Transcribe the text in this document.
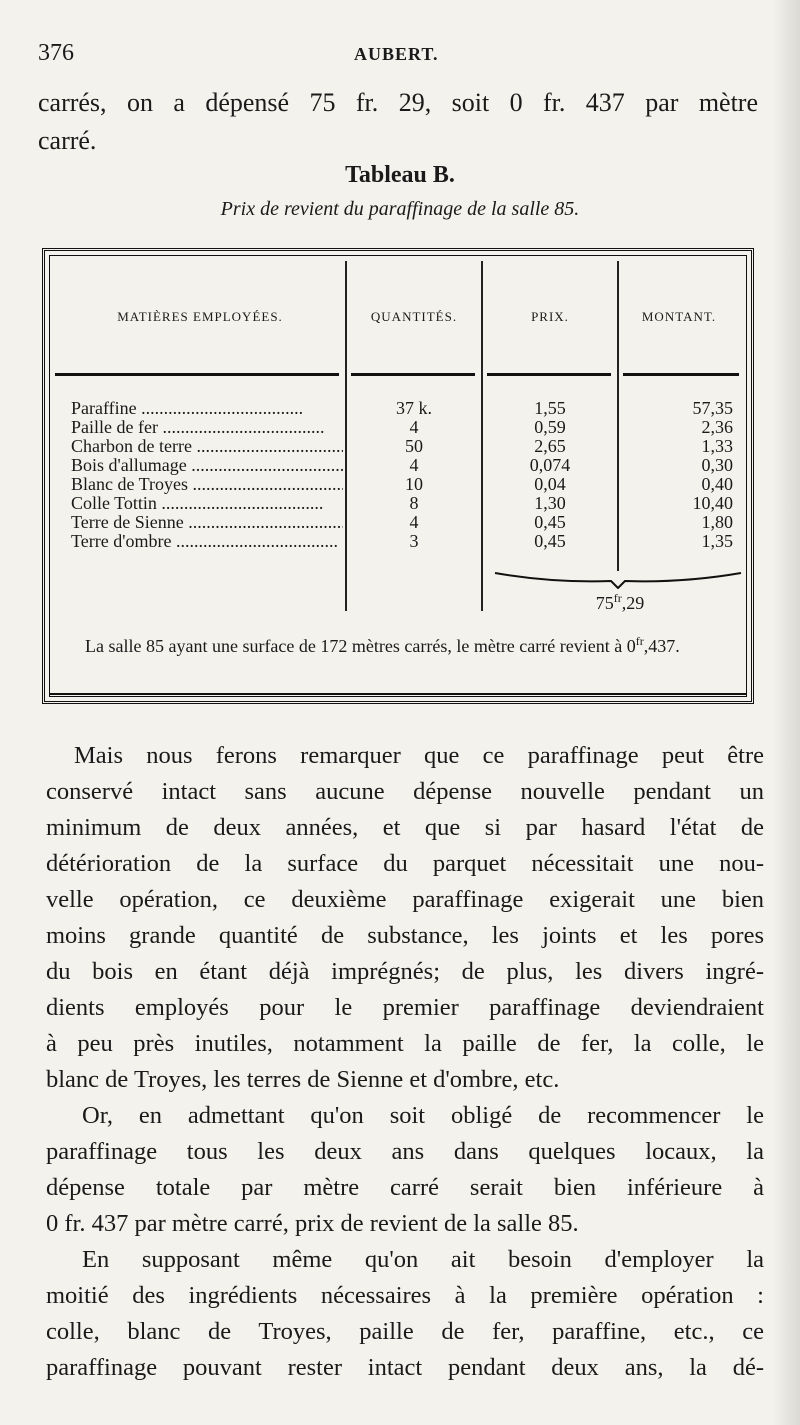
376	AUBERT.
carrés, on a dépensé 75 fr. 29, soit 0 fr. 437 par mètre
carré.
Tableau B.
Prix de revient du paraffinage de la salle 85.
MATIÈRES EMPLOYÉES.	QUANTITÉS.	PRIX.	MONTANT.
Paraffine .....	37 k.	1,55	57,35
Paille de fer .....	4	0,59	2,36
Charbon de terre .....	50	2,65	1,33
Bois d'allumage .....	4	0,074	0,30
Blanc de Troyes .....	10	0,04	0,40
Colle Tottin .....	8	1,30	10,40
Terre de Sienne .....	4	0,45	1,80
Terre d'ombre .....	3	0,45	1,35
$75^{fr},29$
La salle 85 ayant une surface de 172 mètres carrés, le mètre carré revient à $0^{fr},437$.

Mais nous ferons remarquer que ce paraffinage peut être

conservé intact sans aucune dépense nouvelle pendant un

minimum de deux années, et que si par hasard l'état de

détérioration de la surface du parquet nécessitait une nou-

velle opération, ce deuxième paraffinage exigerait une bien

moins grande quantité de substance, les joints et les pores

du bois en étant déjà imprégnés; de plus, les divers ingré-

dients employés pour le premier paraffinage deviendraient

à peu près inutiles, notamment la paille de fer, la colle, le

blanc de Troyes, les terres de Sienne et d'ombre, etc.

Or, en admettant qu'on soit obligé de recommencer le

paraffinage tous les deux ans dans quelques locaux, la

dépense totale par mètre carré serait bien inférieure à

0 fr. 437 par mètre carré, prix de revient de la salle 85.

En supposant même qu'on ait besoin d'employer la

moitié des ingrédients nécessaires à la première opération :

colle, blanc de Troyes, paille de fer, paraffine, etc., ce

paraffinage pouvant rester intact pendant deux ans, la dé-
